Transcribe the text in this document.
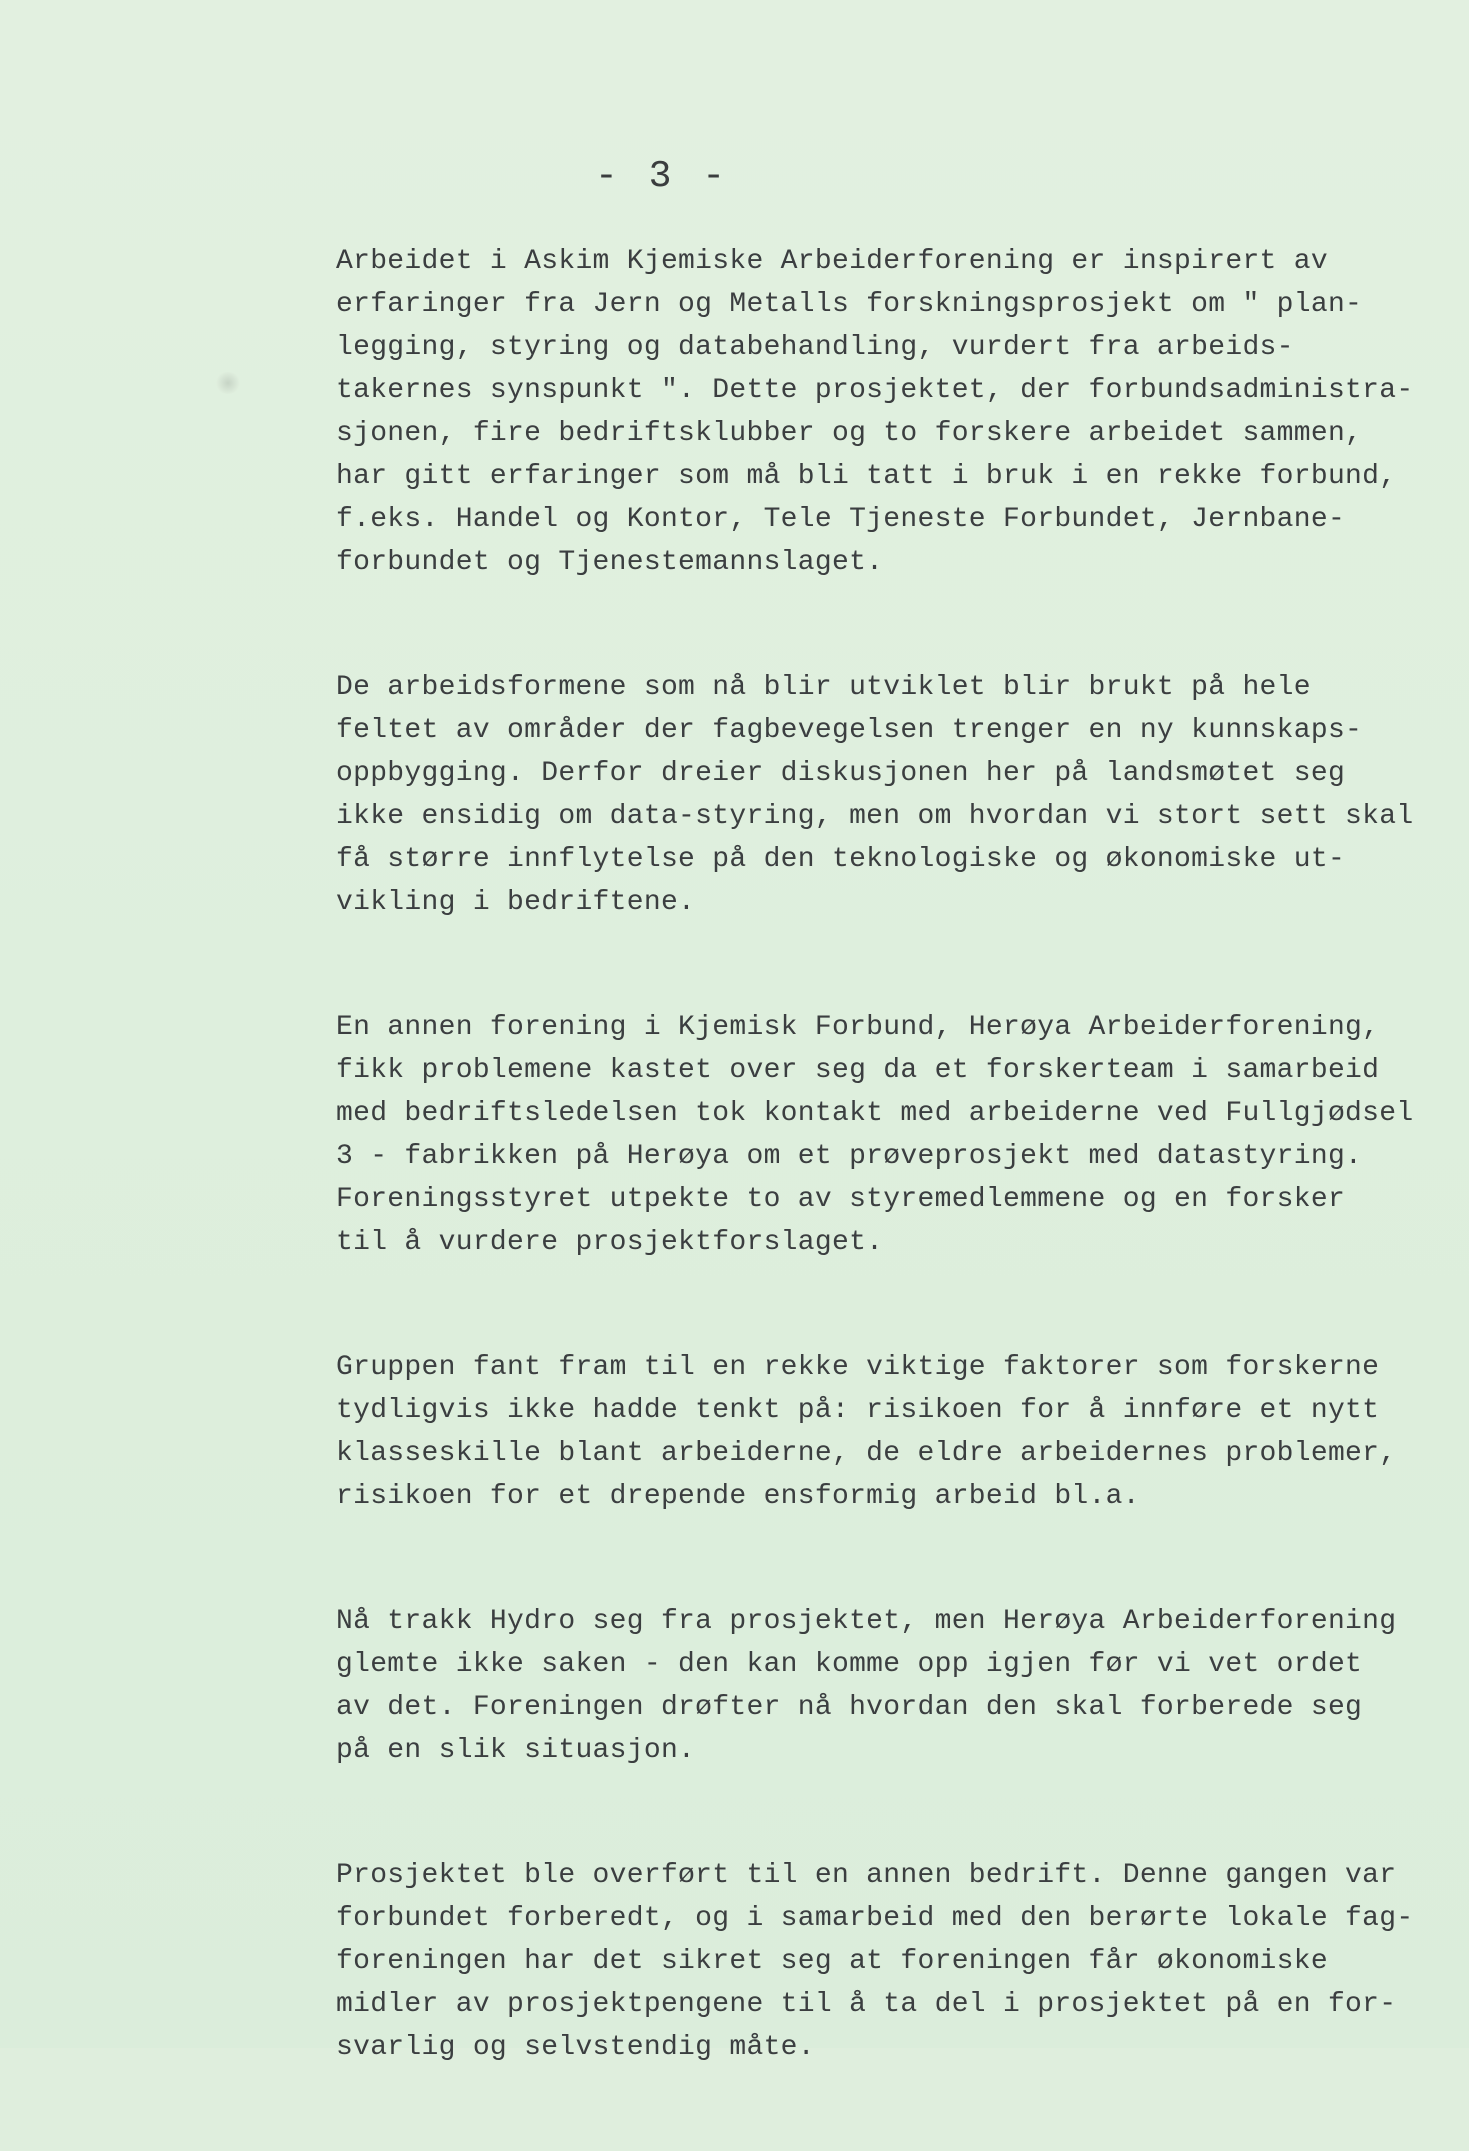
- 3 -
Arbeidet i Askim Kjemiske Arbeiderforening er inspirert av
erfaringer fra Jern og Metalls forskningsprosjekt om " plan-
legging, styring og databehandling, vurdert fra arbeids-
takernes synspunkt ". Dette prosjektet, der forbundsadministra-
sjonen, fire bedriftsklubber og to forskere arbeidet sammen,
har gitt erfaringer som må bli tatt i bruk i en rekke forbund,
f.eks. Handel og Kontor, Tele Tjeneste Forbundet, Jernbane-
forbundet og Tjenestemannslaget.
De arbeidsformene som nå blir utviklet blir brukt på hele
feltet av områder der fagbevegelsen trenger en ny kunnskaps-
oppbygging. Derfor dreier diskusjonen her på landsmøtet seg
ikke ensidig om data-styring, men om hvordan vi stort sett skal
få større innflytelse på den teknologiske og økonomiske ut-
vikling i bedriftene.
En annen forening i Kjemisk Forbund, Herøya Arbeiderforening,
fikk problemene kastet over seg da et forskerteam i samarbeid
med bedriftsledelsen tok kontakt med arbeiderne ved Fullgjødsel
3 - fabrikken på Herøya om et prøveprosjekt med datastyring.
Foreningsstyret utpekte to av styremedlemmene og en forsker
til å vurdere prosjektforslaget.
Gruppen fant fram til en rekke viktige faktorer som forskerne
tydligvis ikke hadde tenkt på: risikoen for å innføre et nytt
klasseskille blant arbeiderne, de eldre arbeidernes problemer,
risikoen for et drepende ensformig arbeid bl.a.
Nå trakk Hydro seg fra prosjektet, men Herøya Arbeiderforening
glemte ikke saken - den kan komme opp igjen før vi vet ordet
av det. Foreningen drøfter nå hvordan den skal forberede seg
på en slik situasjon.
Prosjektet ble overført til en annen bedrift. Denne gangen var
forbundet forberedt, og i samarbeid med den berørte lokale fag-
foreningen har det sikret seg at foreningen får økonomiske
midler av prosjektpengene til å ta del i prosjektet på en for-
svarlig og selvstendig måte.
